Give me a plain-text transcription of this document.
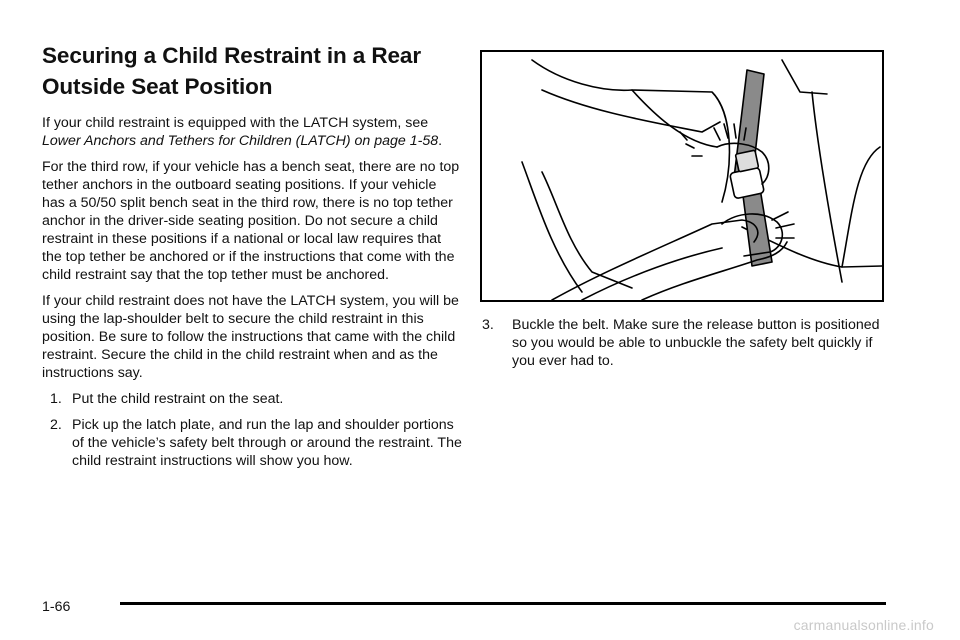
Securing a Child Restraint in a Rear Outside Seat Position

If your child restraint is equipped with the LATCH system, see Lower Anchors and Tethers for Children (LATCH) on page 1-58.

For the third row, if your vehicle has a bench seat, there are no top tether anchors in the outboard seating positions. If your vehicle has a 50/50 split bench seat in the third row, there is no top tether anchor in the driver-side seating position. Do not secure a child restraint in these positions if a national or local law requires that the top tether be anchored or if the instructions that come with the child restraint say that the top tether must be anchored.

If your child restraint does not have the LATCH system, you will be using the lap-shoulder belt to secure the child restraint in this position. Be sure to follow the instructions that came with the child restraint. Secure the child in the child restraint when and as the instructions say.

1. Put the child restraint on the seat.
2. Pick up the latch plate, and run the lap and shoulder portions of the vehicle’s safety belt through or around the restraint. The child restraint instructions will show you how.
3. Buckle the belt. Make sure the release button is positioned so you would be able to unbuckle the safety belt quickly if you ever had to.
1-66
carmanualsonline.info
